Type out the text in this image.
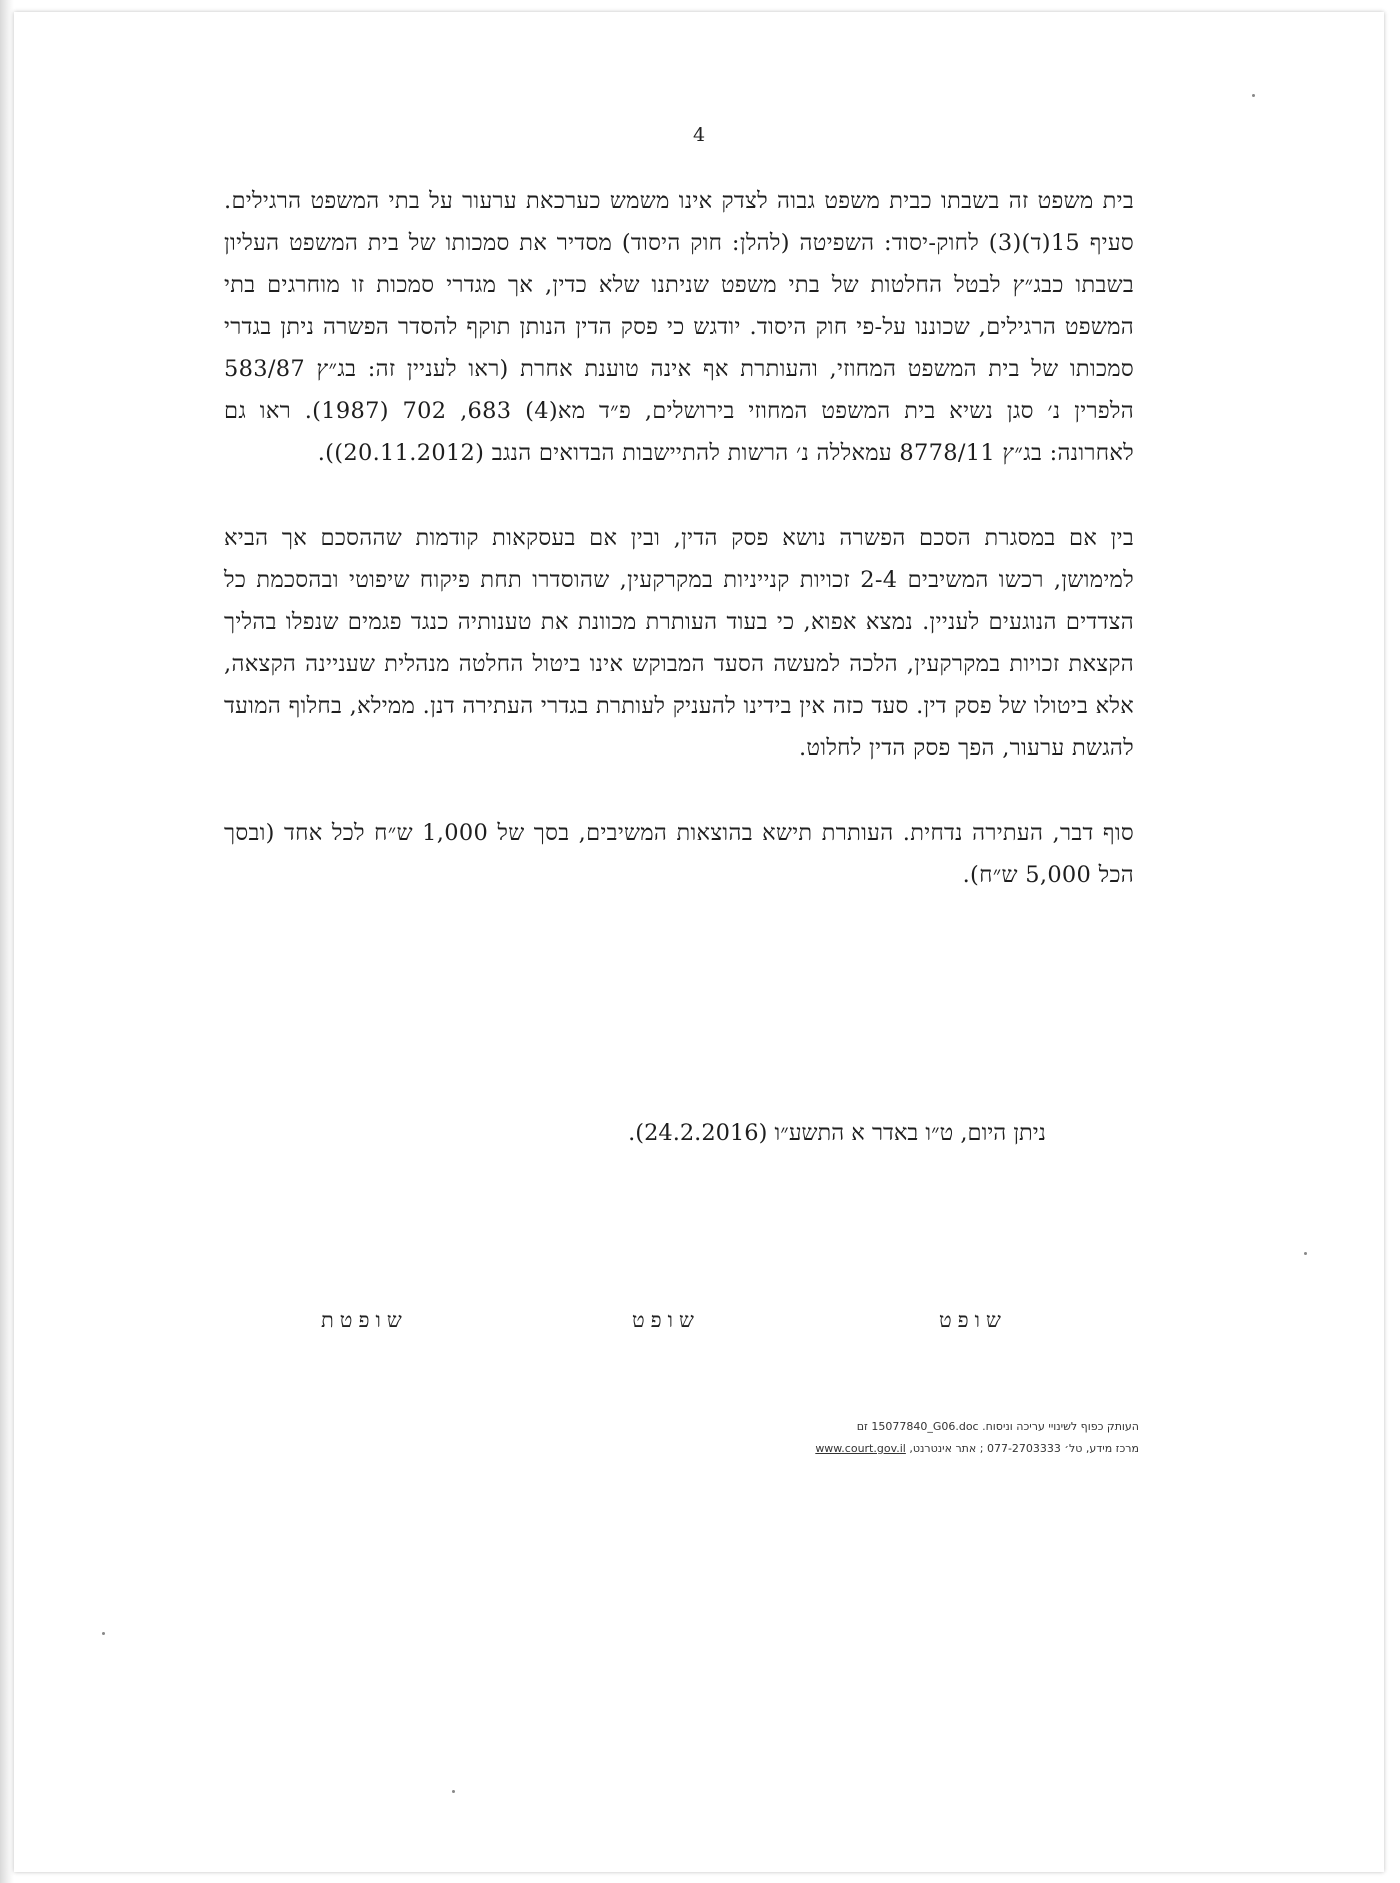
4

בית משפט זה בשבתו כבית משפט גבוה לצדק אינו משמש כערכאת ערעור על בתי המשפט הרגילים. סעיף 15(ד)(3) לחוק-יסוד: השפיטה (להלן: חוק היסוד) מסדיר את סמכותו של בית המשפט העליון בשבתו כבג״ץ לבטל החלטות של בתי משפט שניתנו שלא כדין, אך מגדרי סמכות זו מוחרגים בתי המשפט הרגילים, שכוננו על-פי חוק היסוד. יודגש כי פסק הדין הנותן תוקף להסדר הפשרה ניתן בגדרי סמכותו של בית המשפט המחוזי, והעותרת אף אינה טוענת אחרת (ראו לעניין זה: בג״ץ 583/87 הלפרין נ׳ סגן נשיא בית המשפט המחוזי בירושלים, פ״ד מא(4) 683, 702 (1987). ראו גם לאחרונה: בג״ץ 8778/11 עמאללה נ׳ הרשות להתיישבות הבדואים הנגב (20.11.2012)).

בין אם במסגרת הסכם הפשרה נושא פסק הדין, ובין אם בעסקאות קודמות שההסכם אך הביא למימושן, רכשו המשיבים 2-4 זכויות קנייניות במקרקעין, שהוסדרו תחת פיקוח שיפוטי ובהסכמת כל הצדדים הנוגעים לעניין. נמצא אפוא, כי בעוד העותרת מכוונת את טענותיה כנגד פגמים שנפלו בהליך הקצאת זכויות במקרקעין, הלכה למעשה הסעד המבוקש אינו ביטול החלטה מנהלית שעניינה הקצאה, אלא ביטולו של פסק דין. סעד כזה אין בידינו להעניק לעותרת בגדרי העתירה דנן. ממילא, בחלוף המועד להגשת ערעור, הפך פסק הדין לחלוט.

סוף דבר, העתירה נדחית. העותרת תישא בהוצאות המשיבים, בסך של 1,000 ש״ח לכל אחד (ובסך הכל 5,000 ש״ח).

ניתן היום, ט״ו באדר א התשע״ו (24.2.2016).
שופט
שופט
שופטת
העותק כפוף לשינויי עריכה וניסוח. 15077840_G06.doc זם
מרכז מידע, טל׳ 077-2703333 ; אתר אינטרנט, www.court.gov.il
